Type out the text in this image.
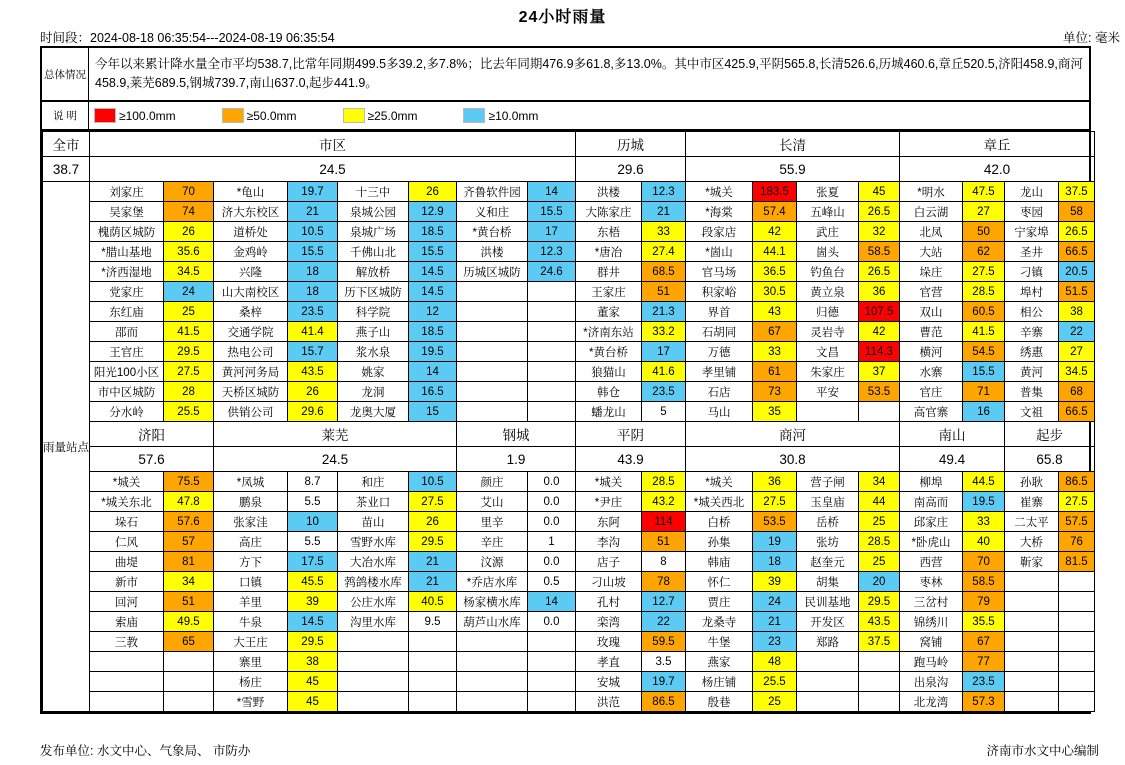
24小时雨量
时间段：2024-08-18 06:35:54---2024-08-19 06:35:54	单位: 毫米
总体情况
今年以来累计降水量全市平均538.7,比常年同期499.5多39.2,多7.8%；比去年同期476.9多61.8,多13.0%。其中市区425.9,平阴565.8,长清526.6,历城460.6,章丘520.5,济阳458.9,商河458.9,莱芜689.5,钢城739.7,南山637.0,起步441.9。
说 明	≥100.0mm	≥50.0mm	≥25.0mm	≥10.0mm
全市	市区								历城		长清				章丘			
38.7	24.5								29.6		55.9				42.0			
雨量站点	刘家庄	70	*龟山	19.7	十三中	26	齐鲁软件园	14	洪楼	12.3	*城关	183.5	张夏	45	*明水	47.5	龙山	37.5
	吴家堡	74	济大东校区	21	泉城公园	12.9	义和庄	15.5	大陈家庄	21	*海棠	57.4	五峰山	26.5	白云湖	27	枣园	58
	槐荫区城防	26	道桥处	10.5	泉城广场	18.5	*黄台桥	17	东梧	33	段家店	42	武庄	32	北凤	50	宁家埠	26.5
	*腊山基地	35.6	金鸡岭	15.5	千佛山北	15.5	洪楼	12.3	*唐冶	27.4	*崮山	44.1	崮头	58.5	大站	62	圣井	66.5
	*济西湿地	34.5	兴隆	18	解放桥	14.5	历城区城防	24.6	群井	68.5	官马场	36.5	钓鱼台	26.5	垛庄	27.5	刁镇	20.5
	党家庄	24	山大南校区	18	历下区城防	14.5			王家庄	51	积家峪	30.5	黄立泉	36	官营	28.5	埠村	51.5
	东红庙	25	桑梓	23.5	科学院	12			董家	21.3	界首	43	归德	107.5	双山	60.5	相公	38
	邵而	41.5	交通学院	41.4	燕子山	18.5			*济南东站	33.2	石胡同	67	灵岩寺	42	曹范	41.5	辛寨	22
	王官庄	29.5	热电公司	15.7	浆水泉	19.5			*黄台桥	17	万德	33	文昌	114.3	横河	54.5	绣惠	27
	阳光100小区	27.5	黄河河务局	43.5	姚家	14			狼猫山	41.6	孝里铺	61	朱家庄	37	水寨	15.5	黄河	34.5
	市中区城防	28	天桥区城防	26	龙洞	16.5			韩仓	23.5	石店	73	平安	53.5	官庄	71	普集	68
	分水岭	25.5	供销公司	29.6	龙奥大厦	15			蟠龙山	5	马山	35			高官寨	16	文祖	66.5
	济阳		莱芜				钢城		平阴		商河				南山		起步	
	57.6		24.5				1.9		43.9		30.8				49.4		65.8	
	*城关	75.5	*凤城	8.7	和庄	10.5	颜庄	0.0	*城关	28.5	*城关	36	营子闸	34	柳埠	44.5	孙耿	86.5
	*城关东北	47.8	鹏泉	5.5	茶业口	27.5	艾山	0.0	*尹庄	43.2	*城关西北	27.5	玉皇庙	44	南高而	19.5	崔寨	27.5
	垛石	57.6	张家洼	10	苗山	26	里辛	0.0	东阿	114	白桥	53.5	岳桥	25	邱家庄	33	二太平	57.5
	仁风	57	高庄	5.5	雪野水库	29.5	辛庄	1	李沟	51	孙集	19	张坊	28.5	*卧虎山	40	大桥	76
	曲堤	81	方下	17.5	大冶水库	21	汶源	0.0	店子	8	韩庙	18	赵奎元	25	西营	70	靳家	81.5
	新市	34	口镇	45.5	鹁鸽楼水库	21	*乔店水库	0.5	刁山坡	78	怀仁	39	胡集	20	枣林	58.5		
	回河	51	羊里	39	公庄水库	40.5	杨家横水库	14	孔村	12.7	贾庄	24	民训基地	29.5	三岔村	79		
	索庙	49.5	牛泉	14.5	沟里水库	9.5	葫芦山水库	0.0	栾湾	22	龙桑寺	21	开发区	43.5	锦绣川	35.5		
	三教	65	大王庄	29.5					玫瑰	59.5	牛堡	23	郑路	37.5	窝铺	67		
			寨里	38					孝直	3.5	燕家	48			跑马岭	77		
			杨庄	45					安城	19.7	杨庄铺	25.5			出泉沟	23.5		
			*雪野	45					洪范	86.5	殷巷	25			北龙湾	57.3		
发布单位: 水文中心、气象局、 市防办	济南市水文中心编制
